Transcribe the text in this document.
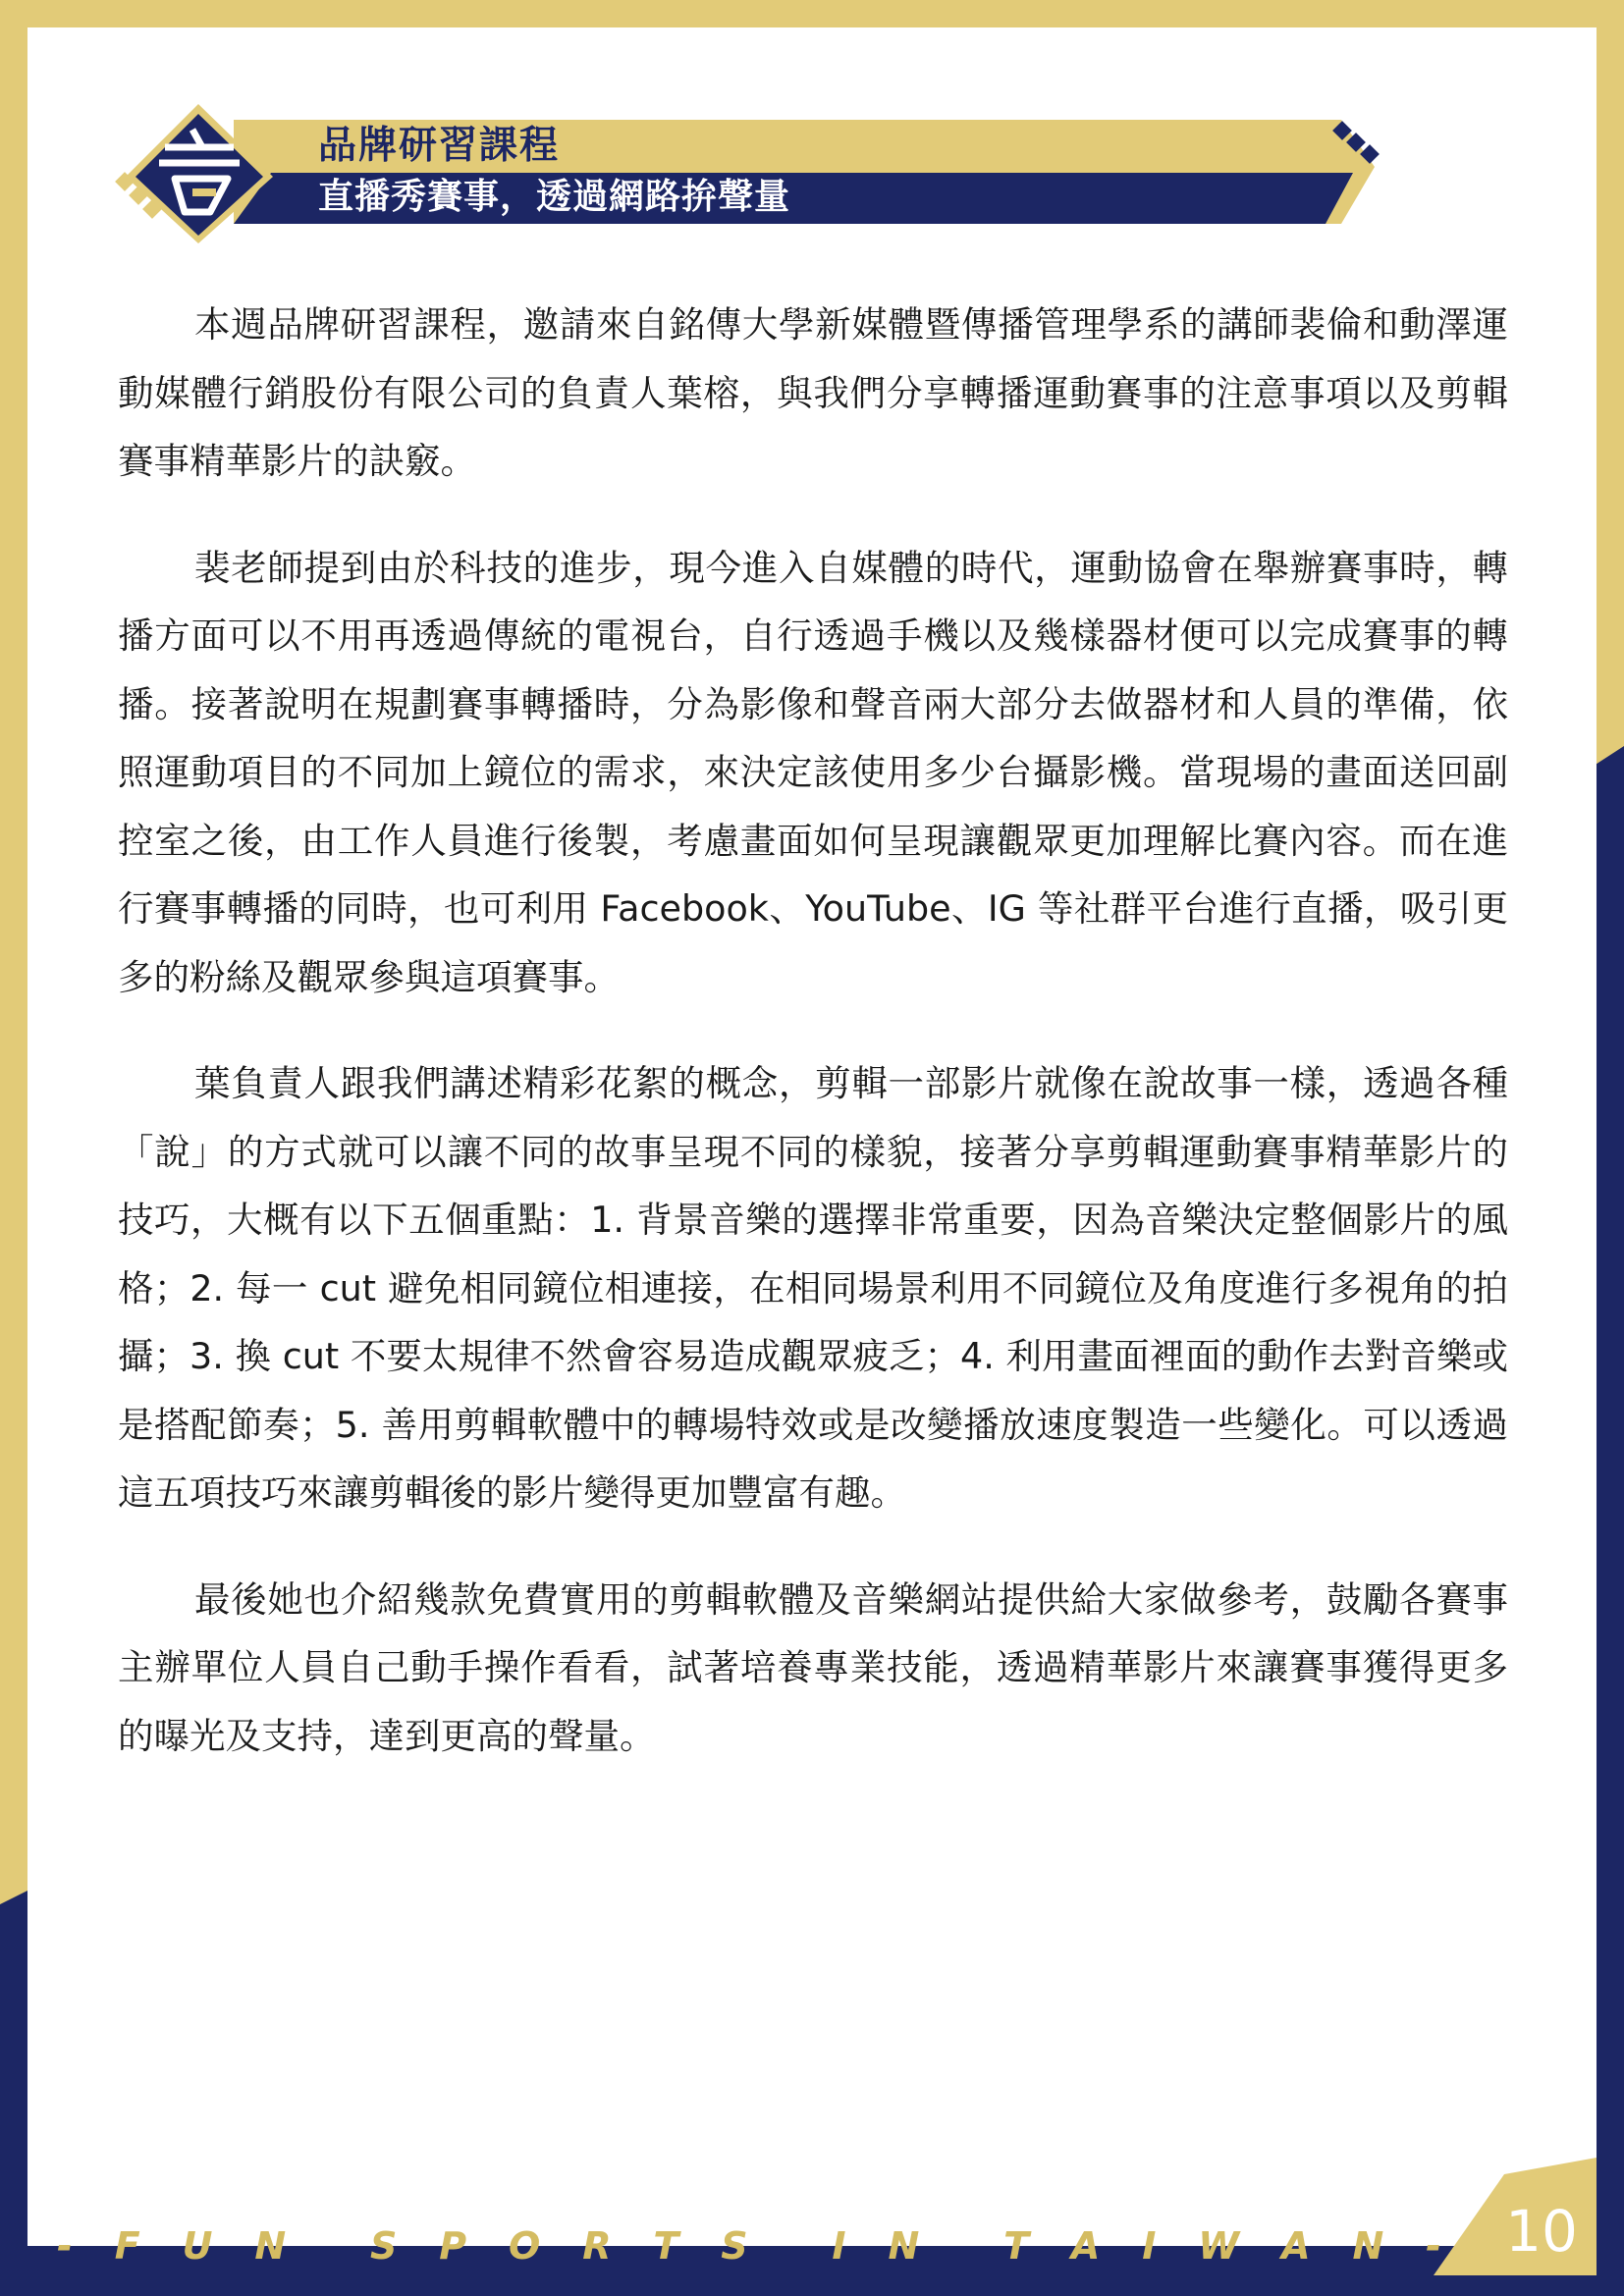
品牌研習課程
直播秀賽事，透過網路拚聲量

本週品牌研習課程，邀請來自銘傳大學新媒體暨傳播管理學系的講師裴倫和動澤運動媒體行銷股份有限公司的負責人葉榕，與我們分享轉播運動賽事的注意事項以及剪輯賽事精華影片的訣竅。

裴老師提到由於科技的進步，現今進入自媒體的時代，運動協會在舉辦賽事時，轉播方面可以不用再透過傳統的電視台，自行透過手機以及幾樣器材便可以完成賽事的轉播。接著說明在規劃賽事轉播時，分為影像和聲音兩大部分去做器材和人員的準備，依照運動項目的不同加上鏡位的需求，來決定該使用多少台攝影機。當現場的畫面送回副控室之後，由工作人員進行後製，考慮畫面如何呈現讓觀眾更加理解比賽內容。而在進行賽事轉播的同時，也可利用 Facebook、YouTube、IG 等社群平台進行直播，吸引更多的粉絲及觀眾參與這項賽事。

葉負責人跟我們講述精彩花絮的概念，剪輯一部影片就像在說故事一樣，透過各種「說」的方式就可以讓不同的故事呈現不同的樣貌，接著分享剪輯運動賽事精華影片的技巧，大概有以下五個重點：1. 背景音樂的選擇非常重要，因為音樂決定整個影片的風格；2. 每一 cut 避免相同鏡位相連接，在相同場景利用不同鏡位及角度進行多視角的拍攝；3. 換 cut 不要太規律不然會容易造成觀眾疲乏；4. 利用畫面裡面的動作去對音樂或是搭配節奏；5. 善用剪輯軟體中的轉場特效或是改變播放速度製造一些變化。可以透過這五項技巧來讓剪輯後的影片變得更加豐富有趣。

最後她也介紹幾款免費實用的剪輯軟體及音樂網站提供給大家做參考，鼓勵各賽事主辦單位人員自己動手操作看看，試著培養專業技能，透過精華影片來讓賽事獲得更多的曝光及支持，達到更高的聲量。

- F U N S P O R T S I N T A I W A N - 10
